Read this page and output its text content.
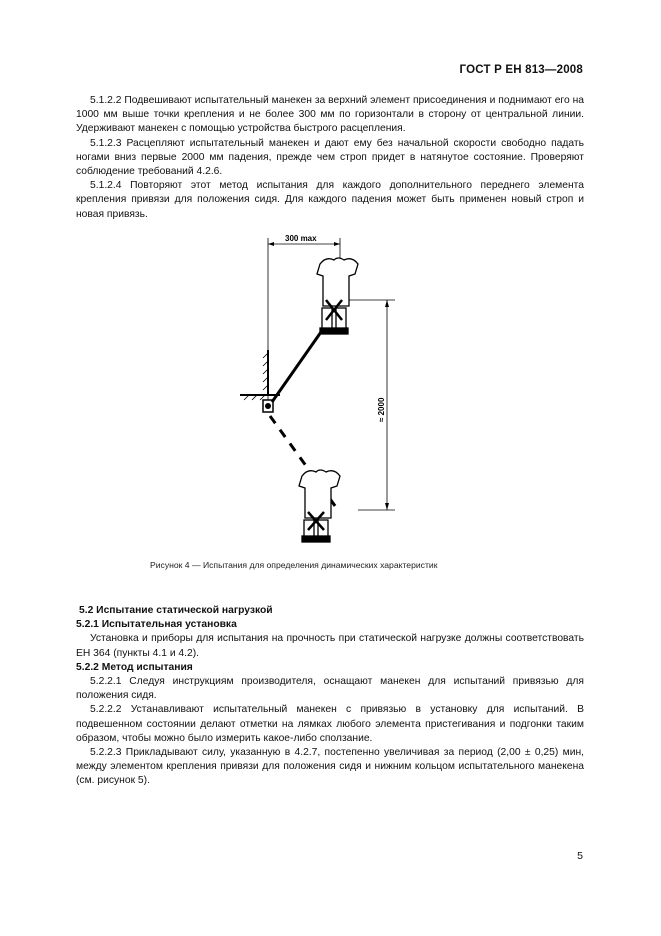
ГОСТ Р ЕН 813—2008

5.1.2.2 Подвешивают испытательный манекен за верхний элемент присоединения и поднимают его на 1000 мм выше точки крепления и не более 300 мм по горизонтали в сторону от центральной линии. Удерживают манекен с помощью устройства быстрого расцепления.

5.1.2.3 Расцепляют испытательный манекен и дают ему без начальной скорости свободно падать ногами вниз первые 2000 мм падения, прежде чем строп придет в натянутое состояние. Проверяют соблюдение требований 4.2.6.

5.1.2.4 Повторяют этот метод испытания для каждого дополнительного переднего элемента крепления привязи для положения сидя. Для каждого падения может быть применен новый строп и новая привязь.

300 max
≈ 2000
Рисунок 4 — Испытания для определения динамических характеристик

5.2 Испытание статической нагрузкой

5.2.1 Испытательная установка

Установка и приборы для испытания на прочность при статической нагрузке должны соответствовать ЕН 364 (пункты 4.1 и 4.2).

5.2.2 Метод испытания

5.2.2.1 Следуя инструкциям производителя, оснащают манекен для испытаний привязью для положения сидя.

5.2.2.2 Устанавливают испытательный манекен с привязью в установку для испытаний. В подвешенном состоянии делают отметки на лямках любого элемента пристегивания и подгонки таким образом, чтобы можно было измерить какое-либо сползание.

5.2.2.3 Прикладывают силу, указанную в 4.2.7, постепенно увеличивая за период (2,00 ± 0,25) мин, между элементом крепления привязи для положения сидя и нижним кольцом испытательного манекена (см. рисунок 5).

5
